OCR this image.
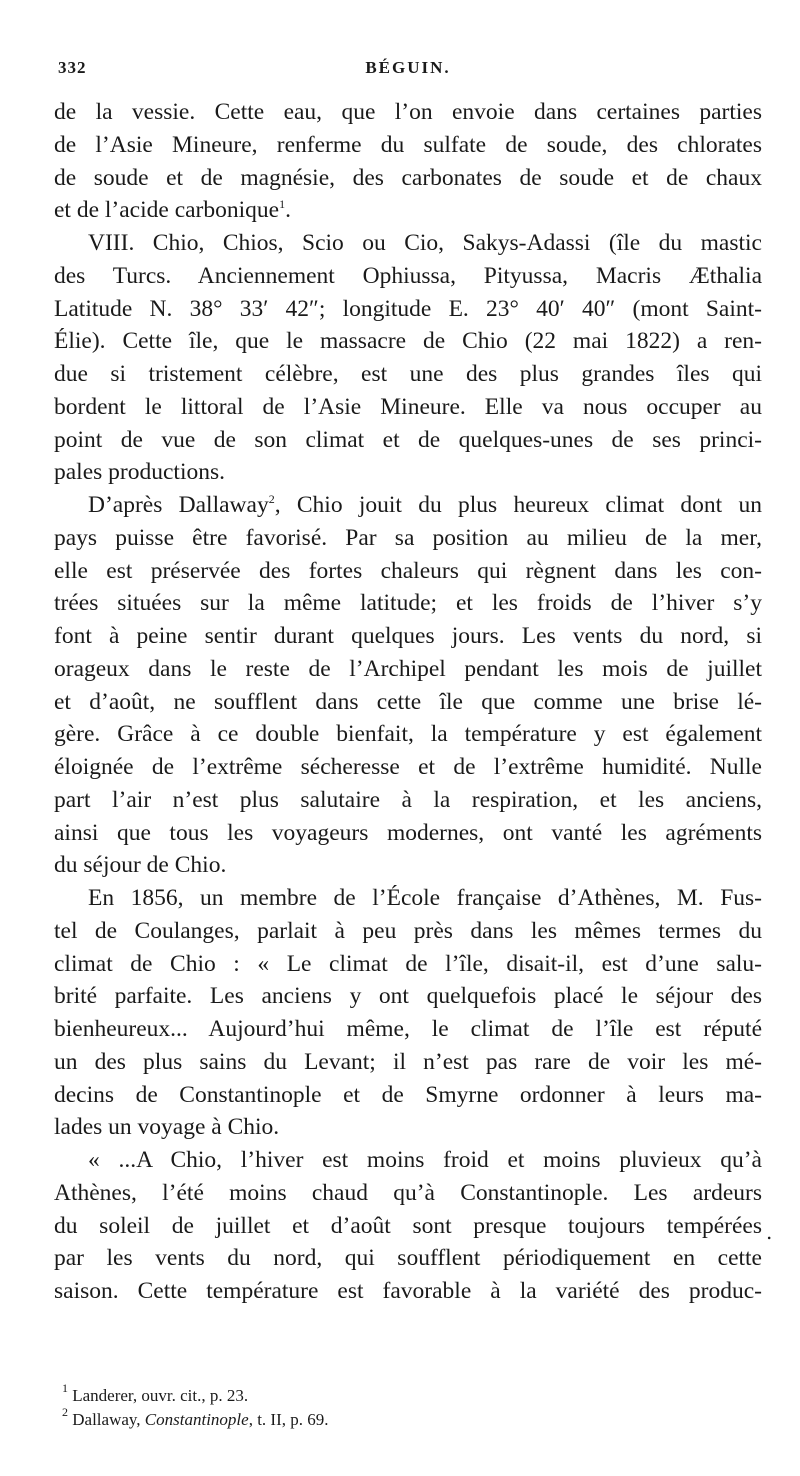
332	BÉGUIN.
de la vessie. Cette eau, que l’on envoie dans certaines parties
de l’Asie Mineure, renferme du sulfate de soude, des chlorates
de soude et de magnésie, des carbonates de soude et de chaux
et de l’acide carbonique$^1$.
VIII. Chio, Chios, Scio ou Cio, Sakys-Adassi (île du mastic
des Turcs. Anciennement Ophiussa, Pityussa, Macris Æthalia
Latitude N. 38° 33′ 42″; longitude E. 23° 40′ 40″ (mont Saint-
Élie). Cette île, que le massacre de Chio (22 mai 1822) a ren-
due si tristement célèbre, est une des plus grandes îles qui
bordent le littoral de l’Asie Mineure. Elle va nous occuper au
point de vue de son climat et de quelques-unes de ses princi-
pales productions.
D’après Dallaway$^2$, Chio jouit du plus heureux climat dont un
pays puisse être favorisé. Par sa position au milieu de la mer,
elle est préservée des fortes chaleurs qui règnent dans les con-
trées situées sur la même latitude; et les froids de l’hiver s’y
font à peine sentir durant quelques jours. Les vents du nord, si
orageux dans le reste de l’Archipel pendant les mois de juillet
et d’août, ne soufflent dans cette île que comme une brise lé-
gère. Grâce à ce double bienfait, la température y est également
éloignée de l’extrême sécheresse et de l’extrême humidité. Nulle
part l’air n’est plus salutaire à la respiration, et les anciens,
ainsi que tous les voyageurs modernes, ont vanté les agréments
du séjour de Chio.
En 1856, un membre de l’École française d’Athènes, M. Fus-
tel de Coulanges, parlait à peu près dans les mêmes termes du
climat de Chio : « Le climat de l’île, disait-il, est d’une salu-
brité parfaite. Les anciens y ont quelquefois placé le séjour des
bienheureux... Aujourd’hui même, le climat de l’île est réputé
un des plus sains du Levant; il n’est pas rare de voir les mé-
decins de Constantinople et de Smyrne ordonner à leurs ma-
lades un voyage à Chio.
« ...A Chio, l’hiver est moins froid et moins pluvieux qu’à
Athènes, l’été moins chaud qu’à Constantinople. Les ardeurs
du soleil de juillet et d’août sont presque toujours tempérées
par les vents du nord, qui soufflent périodiquement en cette
saison. Cette température est favorable à la variété des produc-
.
$^1$ Landerer, ouvr. cit., p. 23.
$^2$ Dallaway, Constantinople, t. II, p. 69.
